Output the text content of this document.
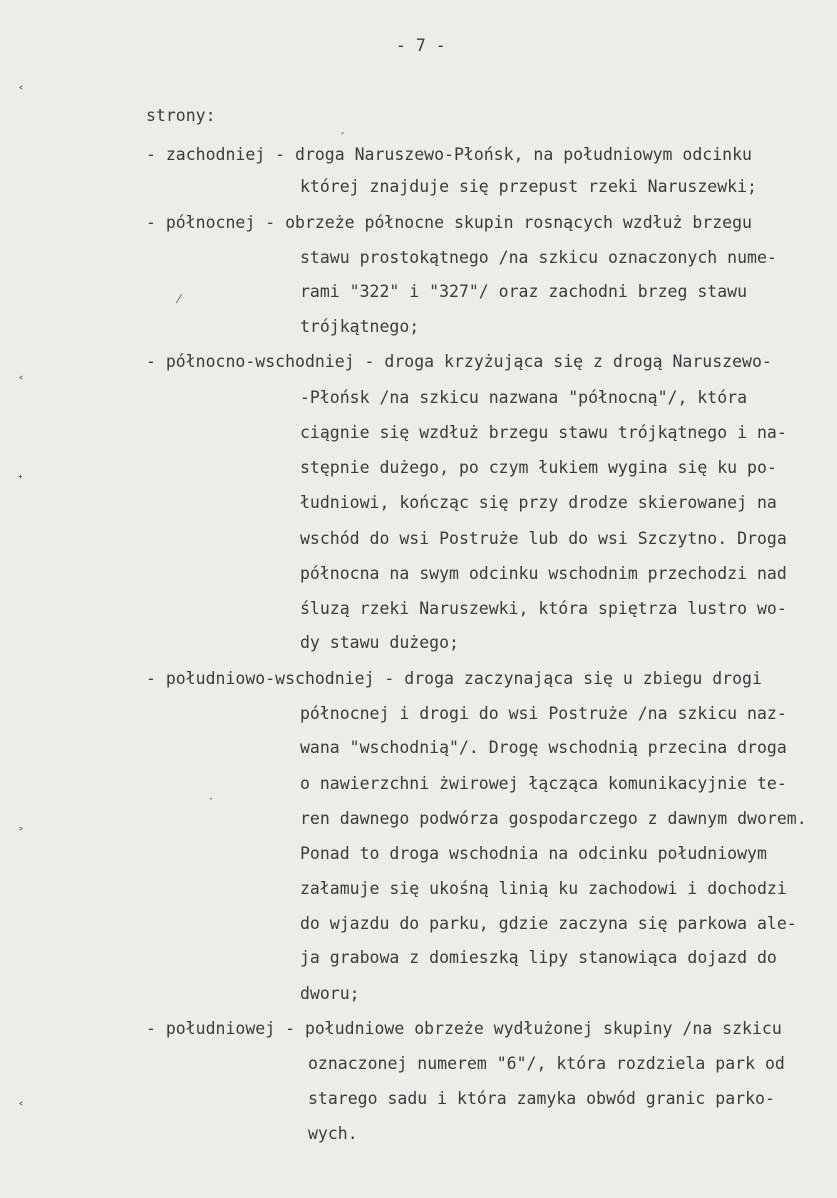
- 7 -
strony:
- zachodniej - droga Naruszewo-Płońsk, na południowym odcinku
której znajduje się przepust rzeki Naruszewki;
- północnej - obrzeże północne skupin rosnących wzdłuż brzegu
stawu prostokątnego /na szkicu oznaczonych nume-
rami "322" i "327"/ oraz zachodni brzeg stawu
trójkątnego;
- północno-wschodniej - droga krzyżująca się z drogą Naruszewo-
-Płońsk /na szkicu nazwana "północną"/, która
ciągnie się wzdłuż brzegu stawu trójkątnego i na-
stępnie dużego, po czym łukiem wygina się ku po-
łudniowi, kończąc się przy drodze skierowanej na
wschód do wsi Postruże lub do wsi Szczytno. Droga
północna na swym odcinku wschodnim przechodzi nad
śluzą rzeki Naruszewki, która spiętrza lustro wo-
dy stawu dużego;
- południowo-wschodniej - droga zaczynająca się u zbiegu drogi
północnej i drogi do wsi Postruże /na szkicu naz-
wana "wschodnią"/. Drogę wschodnią przecina droga
o nawierzchni żwirowej łącząca komunikacyjnie te-
ren dawnego podwórza gospodarczego z dawnym dworem.
Ponad to droga wschodnia na odcinku południowym
załamuje się ukośną linią ku zachodowi i dochodzi
do wjazdu do parku, gdzie zaczyna się parkowa ale-
ja grabowa z domieszką lipy stanowiąca dojazd do
dworu;
- południowej - południowe obrzeże wydłużonej skupiny /na szkicu
oznaczonej numerem "6"/, która rozdziela park od
starego sadu i która zamyka obwód granic parko-
wych.
˂
˂
˖
˃
˂
⁄
·
´
